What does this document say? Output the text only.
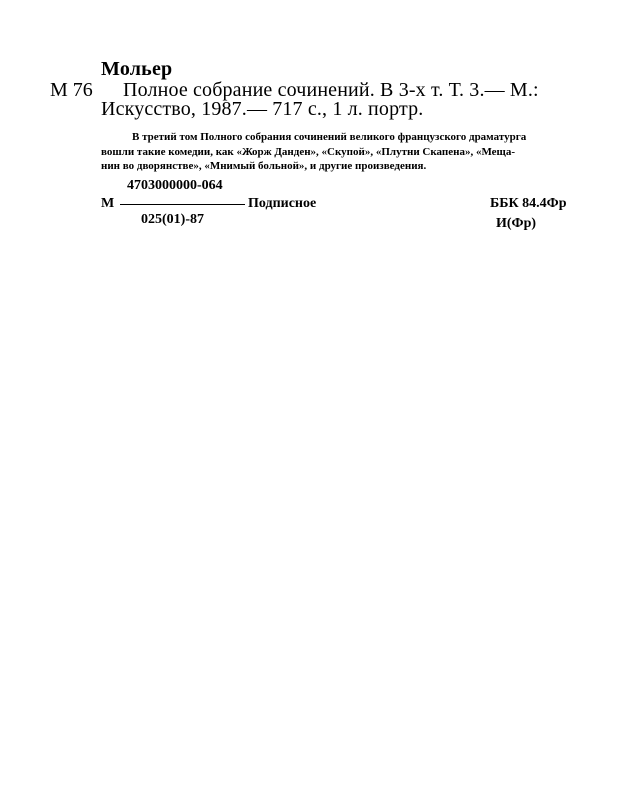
Мольер
М 76 Полное собрание сочинений. В 3-х т. Т. 3.— М.:
Искусство, 1987.— 717 с., 1 л. портр.
В третий том Полного собрания сочинений великого французского драматурга
вошли такие комедии, как «Жорж Данден», «Скупой», «Плутни Скапена», «Меща-
нин во дворянстве», «Мнимый больной», и другие произведения.
4703000000-064
М	Подписное
025(01)-87
ББК 84.4Фр
И(Фр)
